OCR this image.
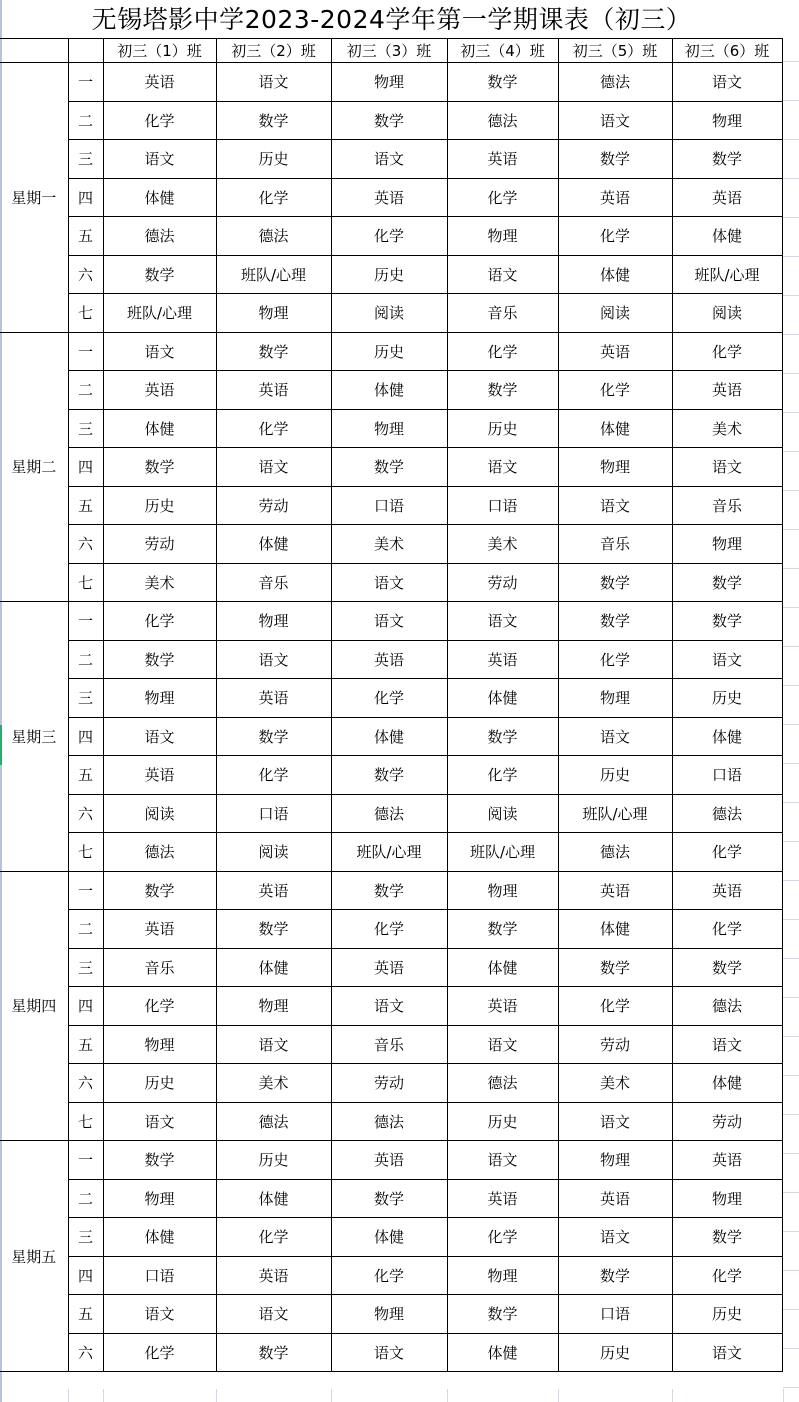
无锡塔影中学2023-2024学年第一学期课表（初三）
		初三（1）班	初三（2）班	初三（3）班	初三（4）班	初三（5）班	初三（6）班
星期一	一	英语	语文	物理	数学	德法	语文
	二	化学	数学	数学	德法	语文	物理
	三	语文	历史	语文	英语	数学	数学
	四	体健	化学	英语	化学	英语	英语
	五	德法	德法	化学	物理	化学	体健
	六	数学	班队/心理	历史	语文	体健	班队/心理
	七	班队/心理	物理	阅读	音乐	阅读	阅读
星期二	一	语文	数学	历史	化学	英语	化学
	二	英语	英语	体健	数学	化学	英语
	三	体健	化学	物理	历史	体健	美术
	四	数学	语文	数学	语文	物理	语文
	五	历史	劳动	口语	口语	语文	音乐
	六	劳动	体健	美术	美术	音乐	物理
	七	美术	音乐	语文	劳动	数学	数学
星期三	一	化学	物理	语文	语文	数学	数学
	二	数学	语文	英语	英语	化学	语文
	三	物理	英语	化学	体健	物理	历史
	四	语文	数学	体健	数学	语文	体健
	五	英语	化学	数学	化学	历史	口语
	六	阅读	口语	德法	阅读	班队/心理	德法
	七	德法	阅读	班队/心理	班队/心理	德法	化学
星期四	一	数学	英语	数学	物理	英语	英语
	二	英语	数学	化学	数学	体健	化学
	三	音乐	体健	英语	体健	数学	数学
	四	化学	物理	语文	英语	化学	德法
	五	物理	语文	音乐	语文	劳动	语文
	六	历史	美术	劳动	德法	美术	体健
	七	语文	德法	德法	历史	语文	劳动
星期五	一	数学	历史	英语	语文	物理	英语
	二	物理	体健	数学	英语	英语	物理
	三	体健	化学	体健	化学	语文	数学
	四	口语	英语	化学	物理	数学	化学
	五	语文	语文	物理	数学	口语	历史
	六	化学	数学	语文	体健	历史	语文
